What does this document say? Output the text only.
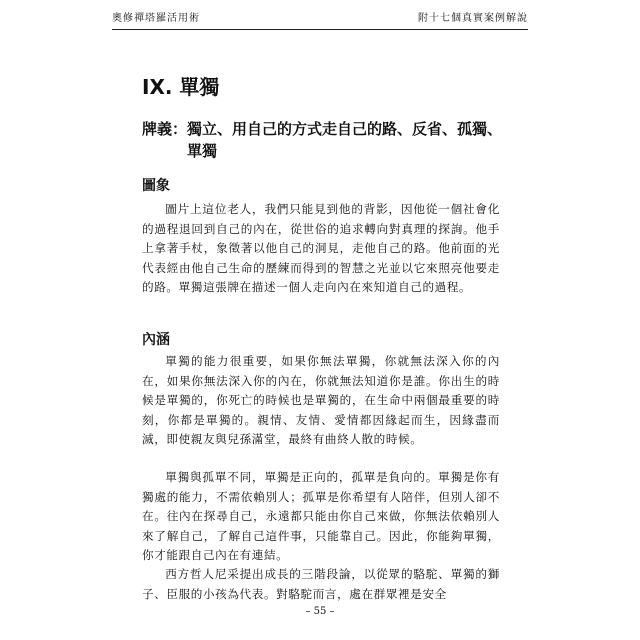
奧修禪塔羅活用術	附十七個真實案例解說
IX. 單獨
牌義： 獨立、用自己的方式走自己的路、反省、孤獨、單獨
圖象

圖片上這位老人，我們只能見到他的背影，因他從一個社會化的過程退回到自己的內在，從世俗的追求轉向對真理的探詢。他手上拿著手杖，象徵著以他自己的洞見，走他自己的路。他前面的光代表經由他自己生命的歷練而得到的智慧之光並以它來照亮他要走的路。單獨這張牌在描述一個人走向內在來知道自己的過程。

內涵

單獨的能力很重要，如果你無法單獨，你就無法深入你的內在，如果你無法深入你的內在，你就無法知道你是誰。你出生的時候是單獨的，你死亡的時候也是單獨的，在生命中兩個最重要的時刻，你都是單獨的。親情、友情、愛情都因緣起而生，因緣盡而滅，即使親友與兒孫滿堂，最終有曲終人散的時候。

單獨與孤單不同，單獨是正向的，孤單是負向的。單獨是你有獨處的能力，不需依賴別人；孤單是你希望有人陪伴，但別人卻不在。往內在探尋自己，永遠都只能由你自己來做，你無法依賴別人來了解自己，了解自己這件事，只能靠自己。因此，你能夠單獨，你才能跟自己內在有連結。

西方哲人尼采提出成長的三階段論，以從眾的駱駝、單獨的獅子、臣服的小孩為代表。對駱駝而言，處在群眾裡是安全

– 55 –
